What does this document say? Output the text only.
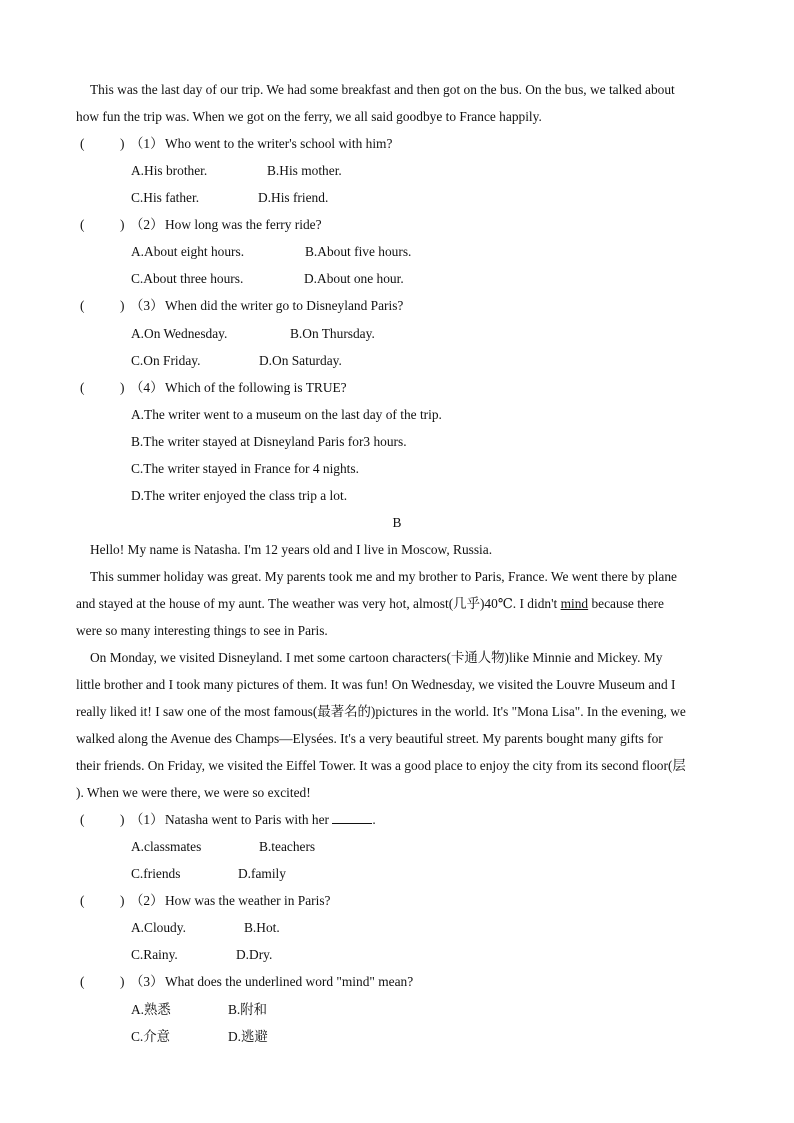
This was the last day of our trip. We had some breakfast and then got on the bus. On the bus, we talked about
how fun the trip was. When we got on the ferry, we all said goodbye to France happily.
(	) （1） Who went to the writer's school with him?
A.His brother.	B.His mother.
C.His father.	D.His friend.
(	) （2） How long was the ferry ride?
A.About eight hours.	B.About five hours.
C.About three hours.	D.About one hour.
(	) （3） When did the writer go to Disneyland Paris?
A.On Wednesday.	B.On Thursday.
C.On Friday.	D.On Saturday.
(	) （4） Which of the following is TRUE?
A.The writer went to a museum on the last day of the trip.
B.The writer stayed at Disneyland Paris for3 hours.
C.The writer stayed in France for 4 nights.
D.The writer enjoyed the class trip a lot.
B
Hello! My name is Natasha. I'm 12 years old and I live in Moscow, Russia.
This summer holiday was great. My parents took me and my brother to Paris, France. We went there by plane
and stayed at the house of my aunt. The weather was very hot, almost(几乎)40℃. I didn't mind because there
were so many interesting things to see in Paris.
On Monday, we visited Disneyland. I met some cartoon characters(卡通人物)like Minnie and Mickey. My
little brother and I took many pictures of them. It was fun! On Wednesday, we visited the Louvre Museum and I
really liked it! I saw one of the most famous(最著名的)pictures in the world. It's "Mona Lisa". In the evening, we
walked along the Avenue des Champs—Elysées. It's a very beautiful street. My parents bought many gifts for
their friends. On Friday, we visited the Eiffel Tower. It was a good place to enjoy the city from its second floor(层
). When we were there, we were so excited!
(	) （1） Natasha went to Paris with her	.
A.classmates	B.teachers
C.friends	D.family
(	) （2） How was the weather in Paris?
A.Cloudy.	B.Hot.
C.Rainy.	D.Dry.
(	) （3） What does the underlined word "mind" mean?
A.熟悉	B.附和
C.介意	D.逃避
